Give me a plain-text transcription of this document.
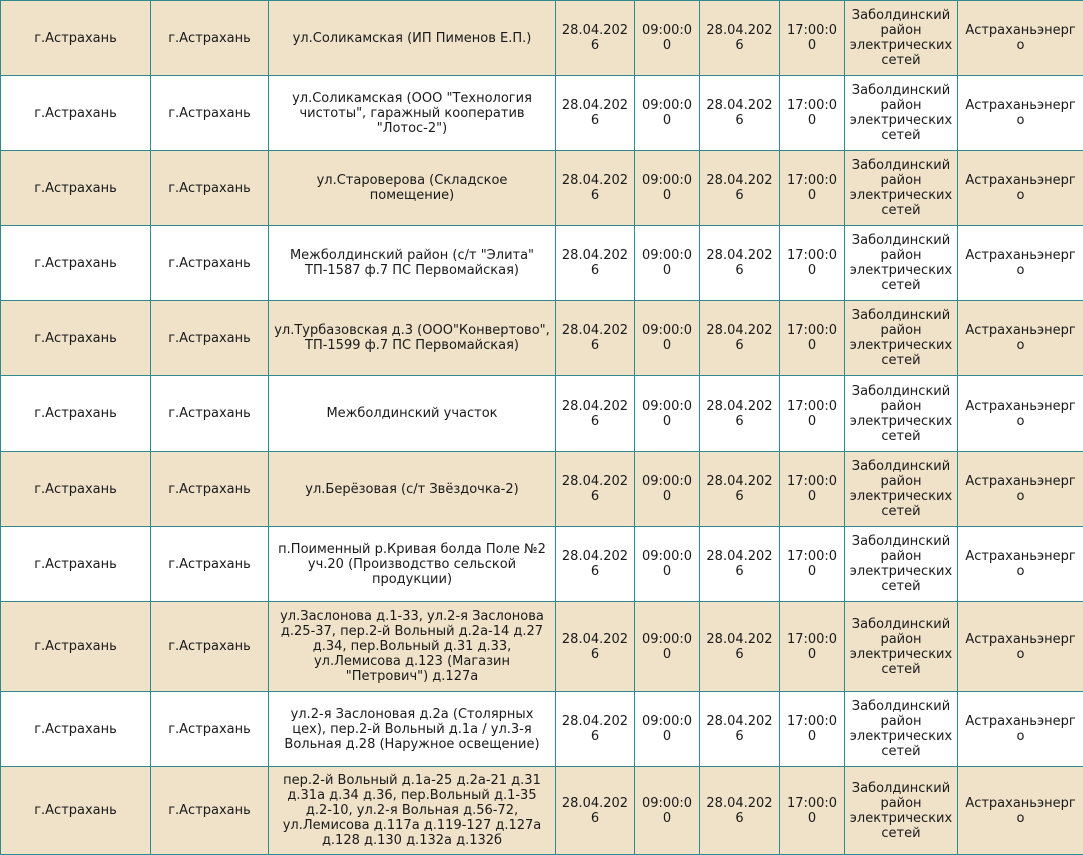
г.Астрахань	г.Астрахань	ул.Соликамская (ИП Пименов Е.П.)	28.04.2026	09:00:00	28.04.2026	17:00:00	Заболдинский район электрических сетей	Астраханьэнерго
г.Астрахань	г.Астрахань	ул.Соликамская (ООО "Технология чистоты", гаражный кооператив "Лотос-2")	28.04.2026	09:00:00	28.04.2026	17:00:00	Заболдинский район электрических сетей	Астраханьэнерго
г.Астрахань	г.Астрахань	ул.Староверова (Складское помещение)	28.04.2026	09:00:00	28.04.2026	17:00:00	Заболдинский район электрических сетей	Астраханьэнерго
г.Астрахань	г.Астрахань	Межболдинский район (с/т "Элита" ТП-1587 ф.7 ПС Первомайская)	28.04.2026	09:00:00	28.04.2026	17:00:00	Заболдинский район электрических сетей	Астраханьэнерго
г.Астрахань	г.Астрахань	ул.Турбазовская д.3 (ООО"Конвертово", ТП-1599 ф.7 ПС Первомайская)	28.04.2026	09:00:00	28.04.2026	17:00:00	Заболдинский район электрических сетей	Астраханьэнерго
г.Астрахань	г.Астрахань	Межболдинский участок	28.04.2026	09:00:00	28.04.2026	17:00:00	Заболдинский район электрических сетей	Астраханьэнерго
г.Астрахань	г.Астрахань	ул.Берёзовая (с/т Звёздочка-2)	28.04.2026	09:00:00	28.04.2026	17:00:00	Заболдинский район электрических сетей	Астраханьэнерго
г.Астрахань	г.Астрахань	п.Поименный р.Кривая болда Поле №2 уч.20 (Производство сельской продукции)	28.04.2026	09:00:00	28.04.2026	17:00:00	Заболдинский район электрических сетей	Астраханьэнерго
г.Астрахань	г.Астрахань	ул.Заслонова д.1-33, ул.2-я Заслонова д.25-37, пер.2-й Вольный д.2а-14 д.27 д.34, пер.Вольный д.31 д.33, ул.Лемисова д.123 (Магазин "Петрович") д.127а	28.04.2026	09:00:00	28.04.2026	17:00:00	Заболдинский район электрических сетей	Астраханьэнерго
г.Астрахань	г.Астрахань	ул.2-я Заслоновая д.2а (Столярных цех), пер.2-й Вольный д.1а / ул.3-я Вольная д.28 (Наружное освещение)	28.04.2026	09:00:00	28.04.2026	17:00:00	Заболдинский район электрических сетей	Астраханьэнерго
г.Астрахань	г.Астрахань	пер.2-й Вольный д.1а-25 д.2а-21 д.31 д.31а д.34 д.36, пер.Вольный д.1-35 д.2-10, ул.2-я Вольная д.56-72, ул.Лемисова д.117а д.119-127 д.127а д.128 д.130 д.132а д.132б	28.04.2026	09:00:00	28.04.2026	17:00:00	Заболдинский район электрических сетей	Астраханьэнерго
